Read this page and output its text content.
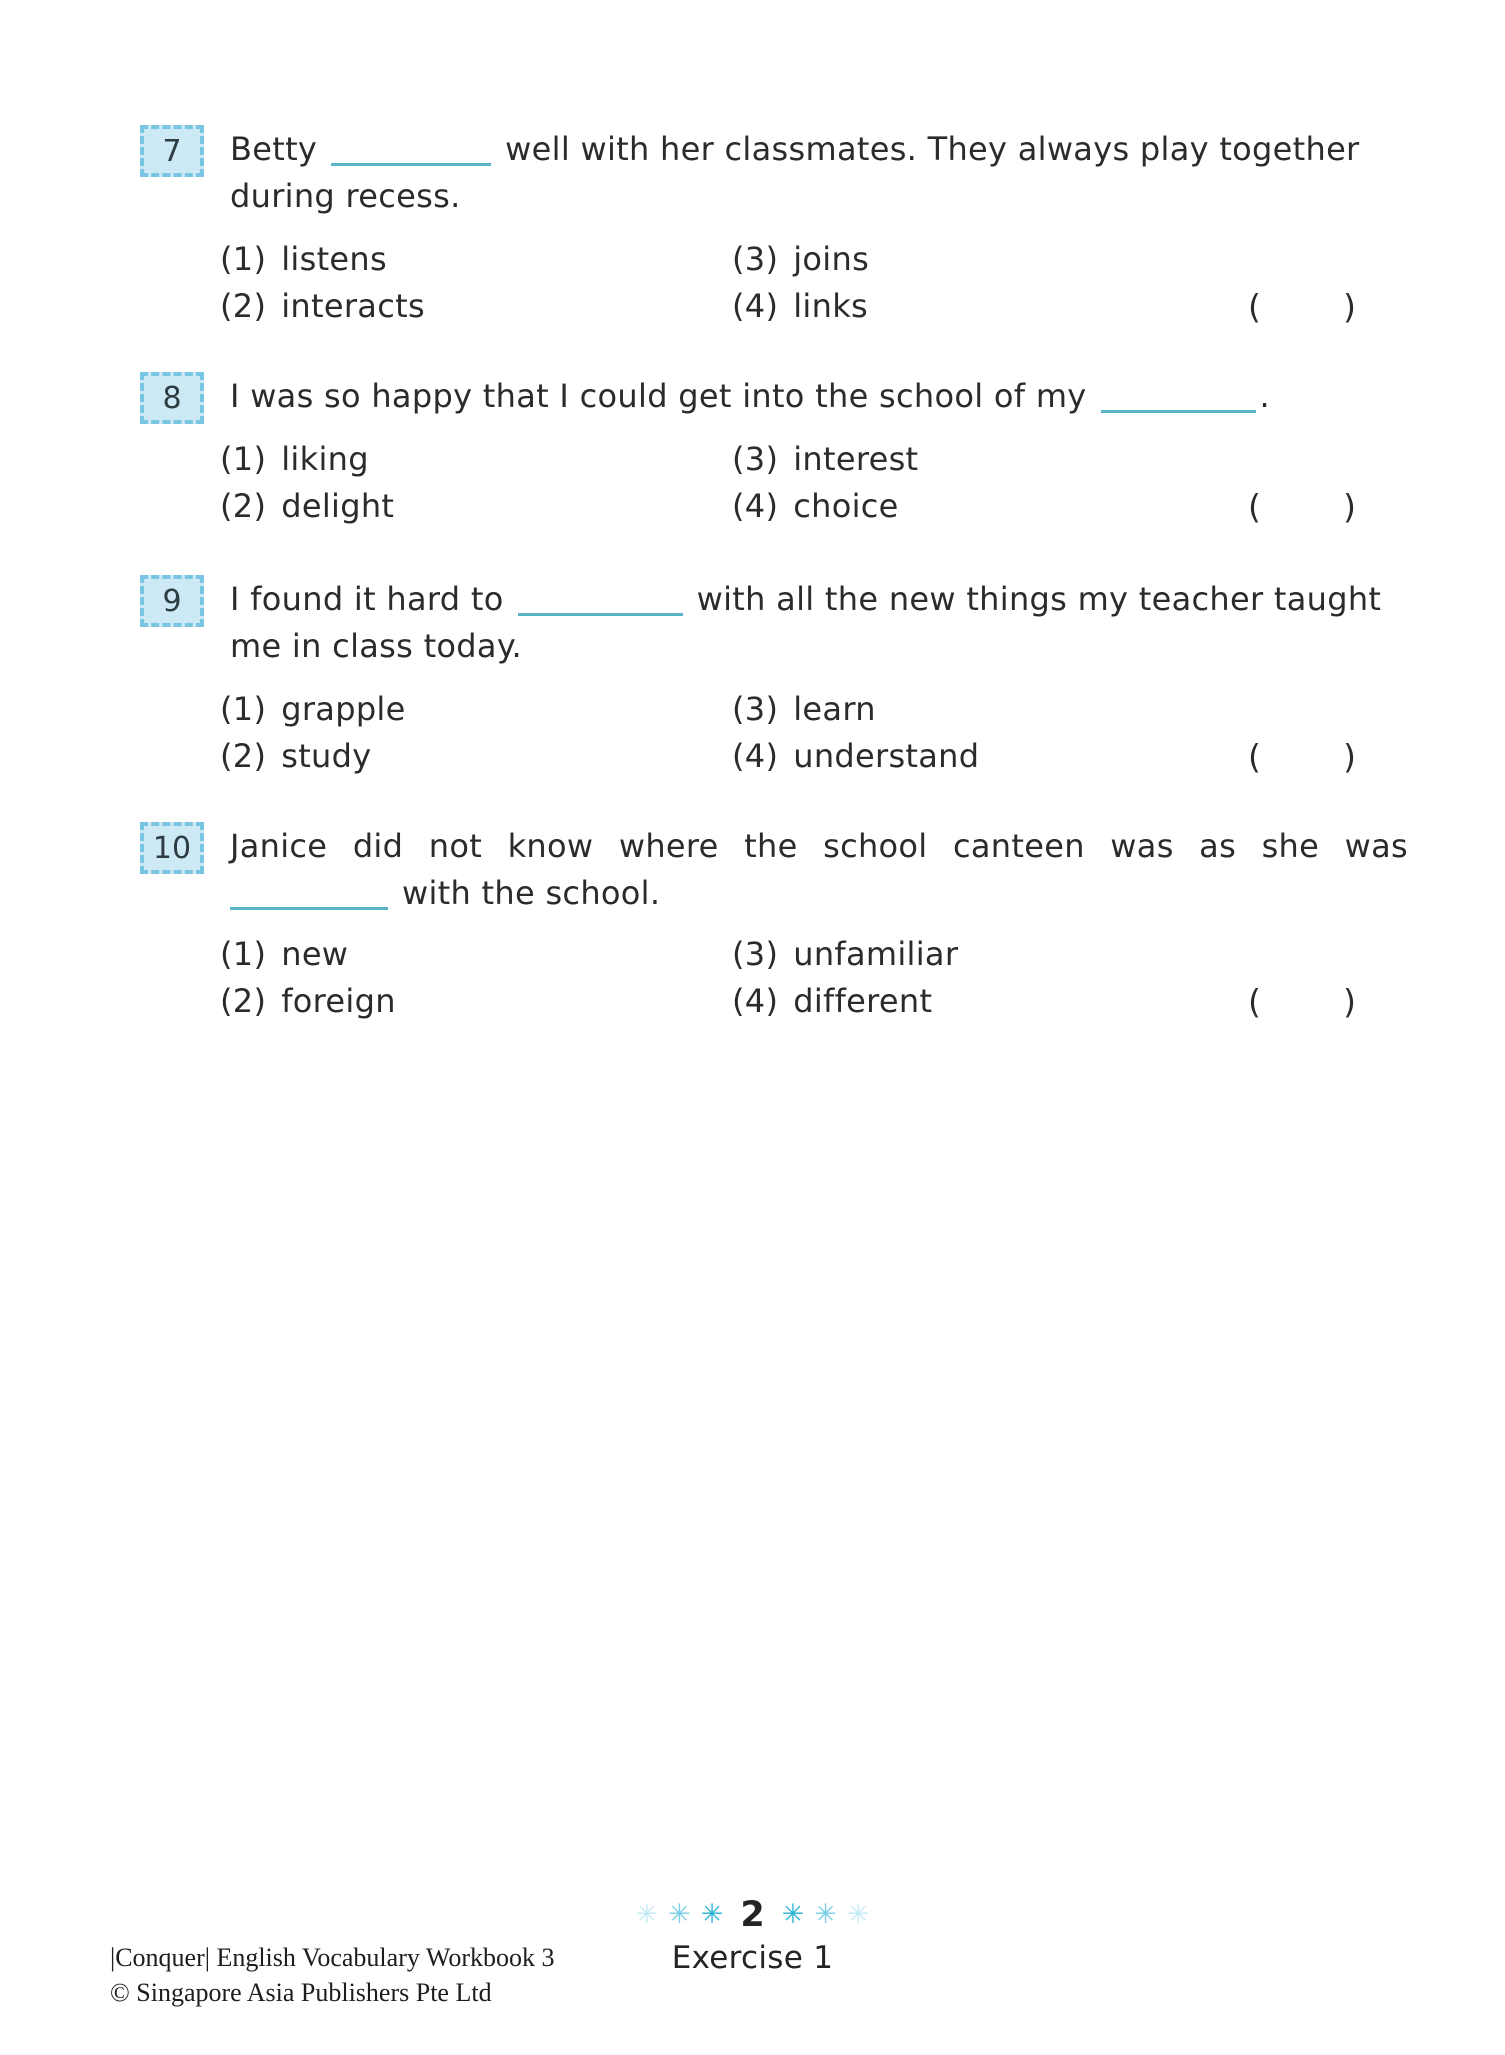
7 Betty	well with her classmates. They always play together
during recess.
(1) listens	(3) joins
(2) interacts	(4) links	( )
8 I was so happy that I could get into the school of my	.
(1) liking	(3) interest
(2) delight	(4) choice	( )
9 I found it hard to	with all the new things my teacher taught
me in class today.
(1) grapple	(3) learn
(2) study	(4) understand	( )
10 Janice did not know where the school canteen was as she was
with the school.
(1) new	(3) unfamiliar
(2) foreign	(4) different	( )
✳ ✳ ✳ 2 ✳ ✳ ✳
Exercise 1
|Conquer| English Vocabulary Workbook 3
© Singapore Asia Publishers Pte Ltd
